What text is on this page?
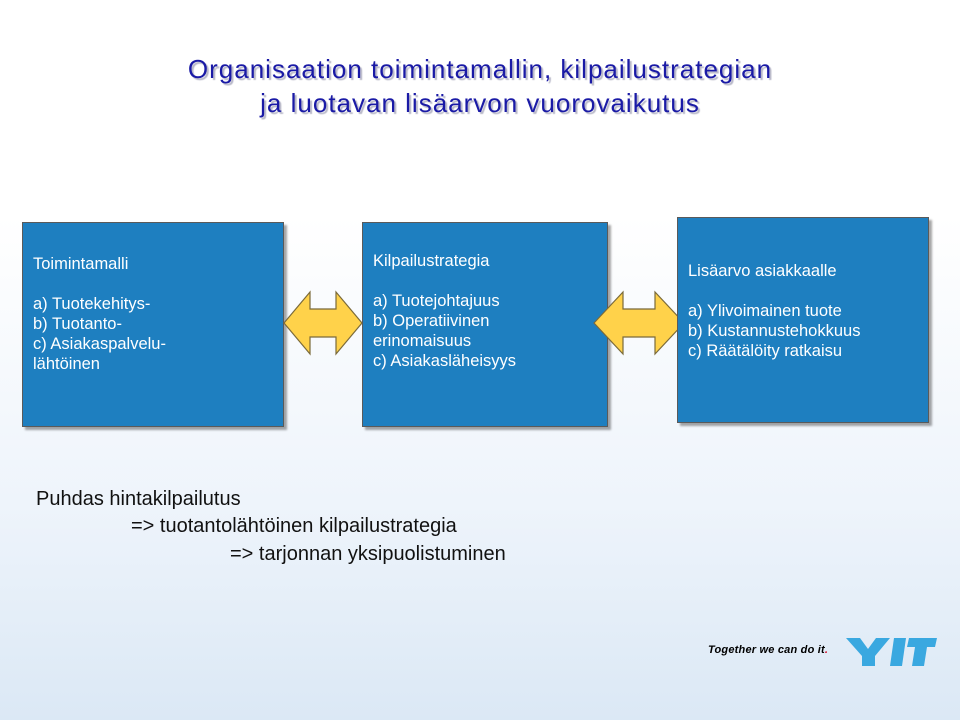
Organisaation toimintamallin, kilpailustrategian
ja luotavan lisäarvon vuorovaikutus
Toimintamalli
a) Tuotekehitys-
b) Tuotanto-
c) Asiakaspalvelu-
lähtöinen
Kilpailustrategia
a) Tuotejohtajuus
b) Operatiivinen
erinomaisuus
c) Asiakasläheisyys
Lisäarvo asiakkaalle
a) Ylivoimainen tuote
b) Kustannustehokkuus
c) Räätälöity ratkaisu
Puhdas hintakilpailutus
=> tuotantolähtöinen kilpailustrategia
=> tarjonnan yksipuolistuminen
Together we can do it.
